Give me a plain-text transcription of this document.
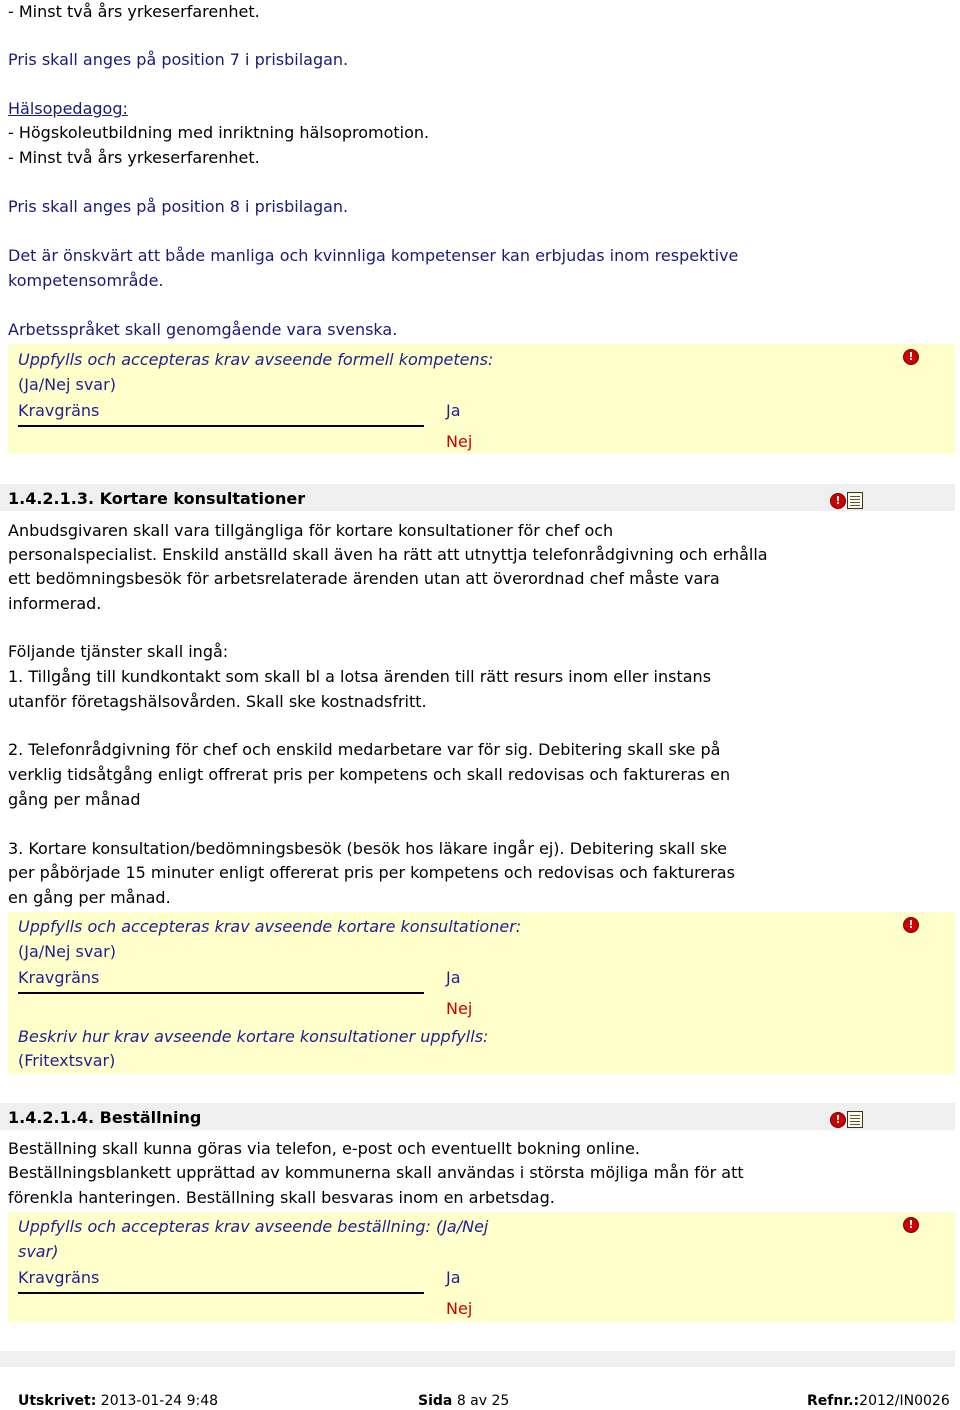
- Minst två års yrkeserfarenhet.
Pris skall anges på position 7 i prisbilagan.
Hälsopedagog:
- Högskoleutbildning med inriktning hälsopromotion.
- Minst två års yrkeserfarenhet.
Pris skall anges på position 8 i prisbilagan.
Det är önskvärt att både manliga och kvinnliga kompetenser kan erbjudas inom respektive
kompetensområde.
Arbetsspråket skall genomgående vara svenska.
Uppfylls och accepteras krav avseende formell kompetens:
(Ja/Nej svar)
Kravgräns	Ja
Nej
!
1.4.2.1.3. Kortare konsultationer	!
Anbudsgivaren skall vara tillgängliga för kortare konsultationer för chef och
personalspecialist. Enskild anställd skall även ha rätt att utnyttja telefonrådgivning och erhålla
ett bedömningsbesök för arbetsrelaterade ärenden utan att överordnad chef måste vara
informerad.
Följande tjänster skall ingå:
1. Tillgång till kundkontakt som skall bl a lotsa ärenden till rätt resurs inom eller instans
utanför företagshälsovården. Skall ske kostnadsfritt.
2. Telefonrådgivning för chef och enskild medarbetare var för sig. Debitering skall ske på
verklig tidsåtgång enligt offrerat pris per kompetens och skall redovisas och faktureras en
gång per månad
3. Kortare konsultation/bedömningsbesök (besök hos läkare ingår ej). Debitering skall ske
per påbörjade 15 minuter enligt offererat pris per kompetens och redovisas och faktureras
en gång per månad.
Uppfylls och accepteras krav avseende kortare konsultationer:
(Ja/Nej svar)
Kravgräns	Ja
Nej
Beskriv hur krav avseende kortare konsultationer uppfylls:
(Fritextsvar)
!
1.4.2.1.4. Beställning	!
Beställning skall kunna göras via telefon, e-post och eventuellt bokning online.
Beställningsblankett upprättad av kommunerna skall användas i största möjliga mån för att
förenkla hanteringen. Beställning skall besvaras inom en arbetsdag.
Uppfylls och accepteras krav avseende beställning: (Ja/Nej
svar)
Kravgräns	Ja
Nej
!
Utskrivet: 2013-01-24 9:48	Sida 8 av 25	Refnr.:2012/IN0026
